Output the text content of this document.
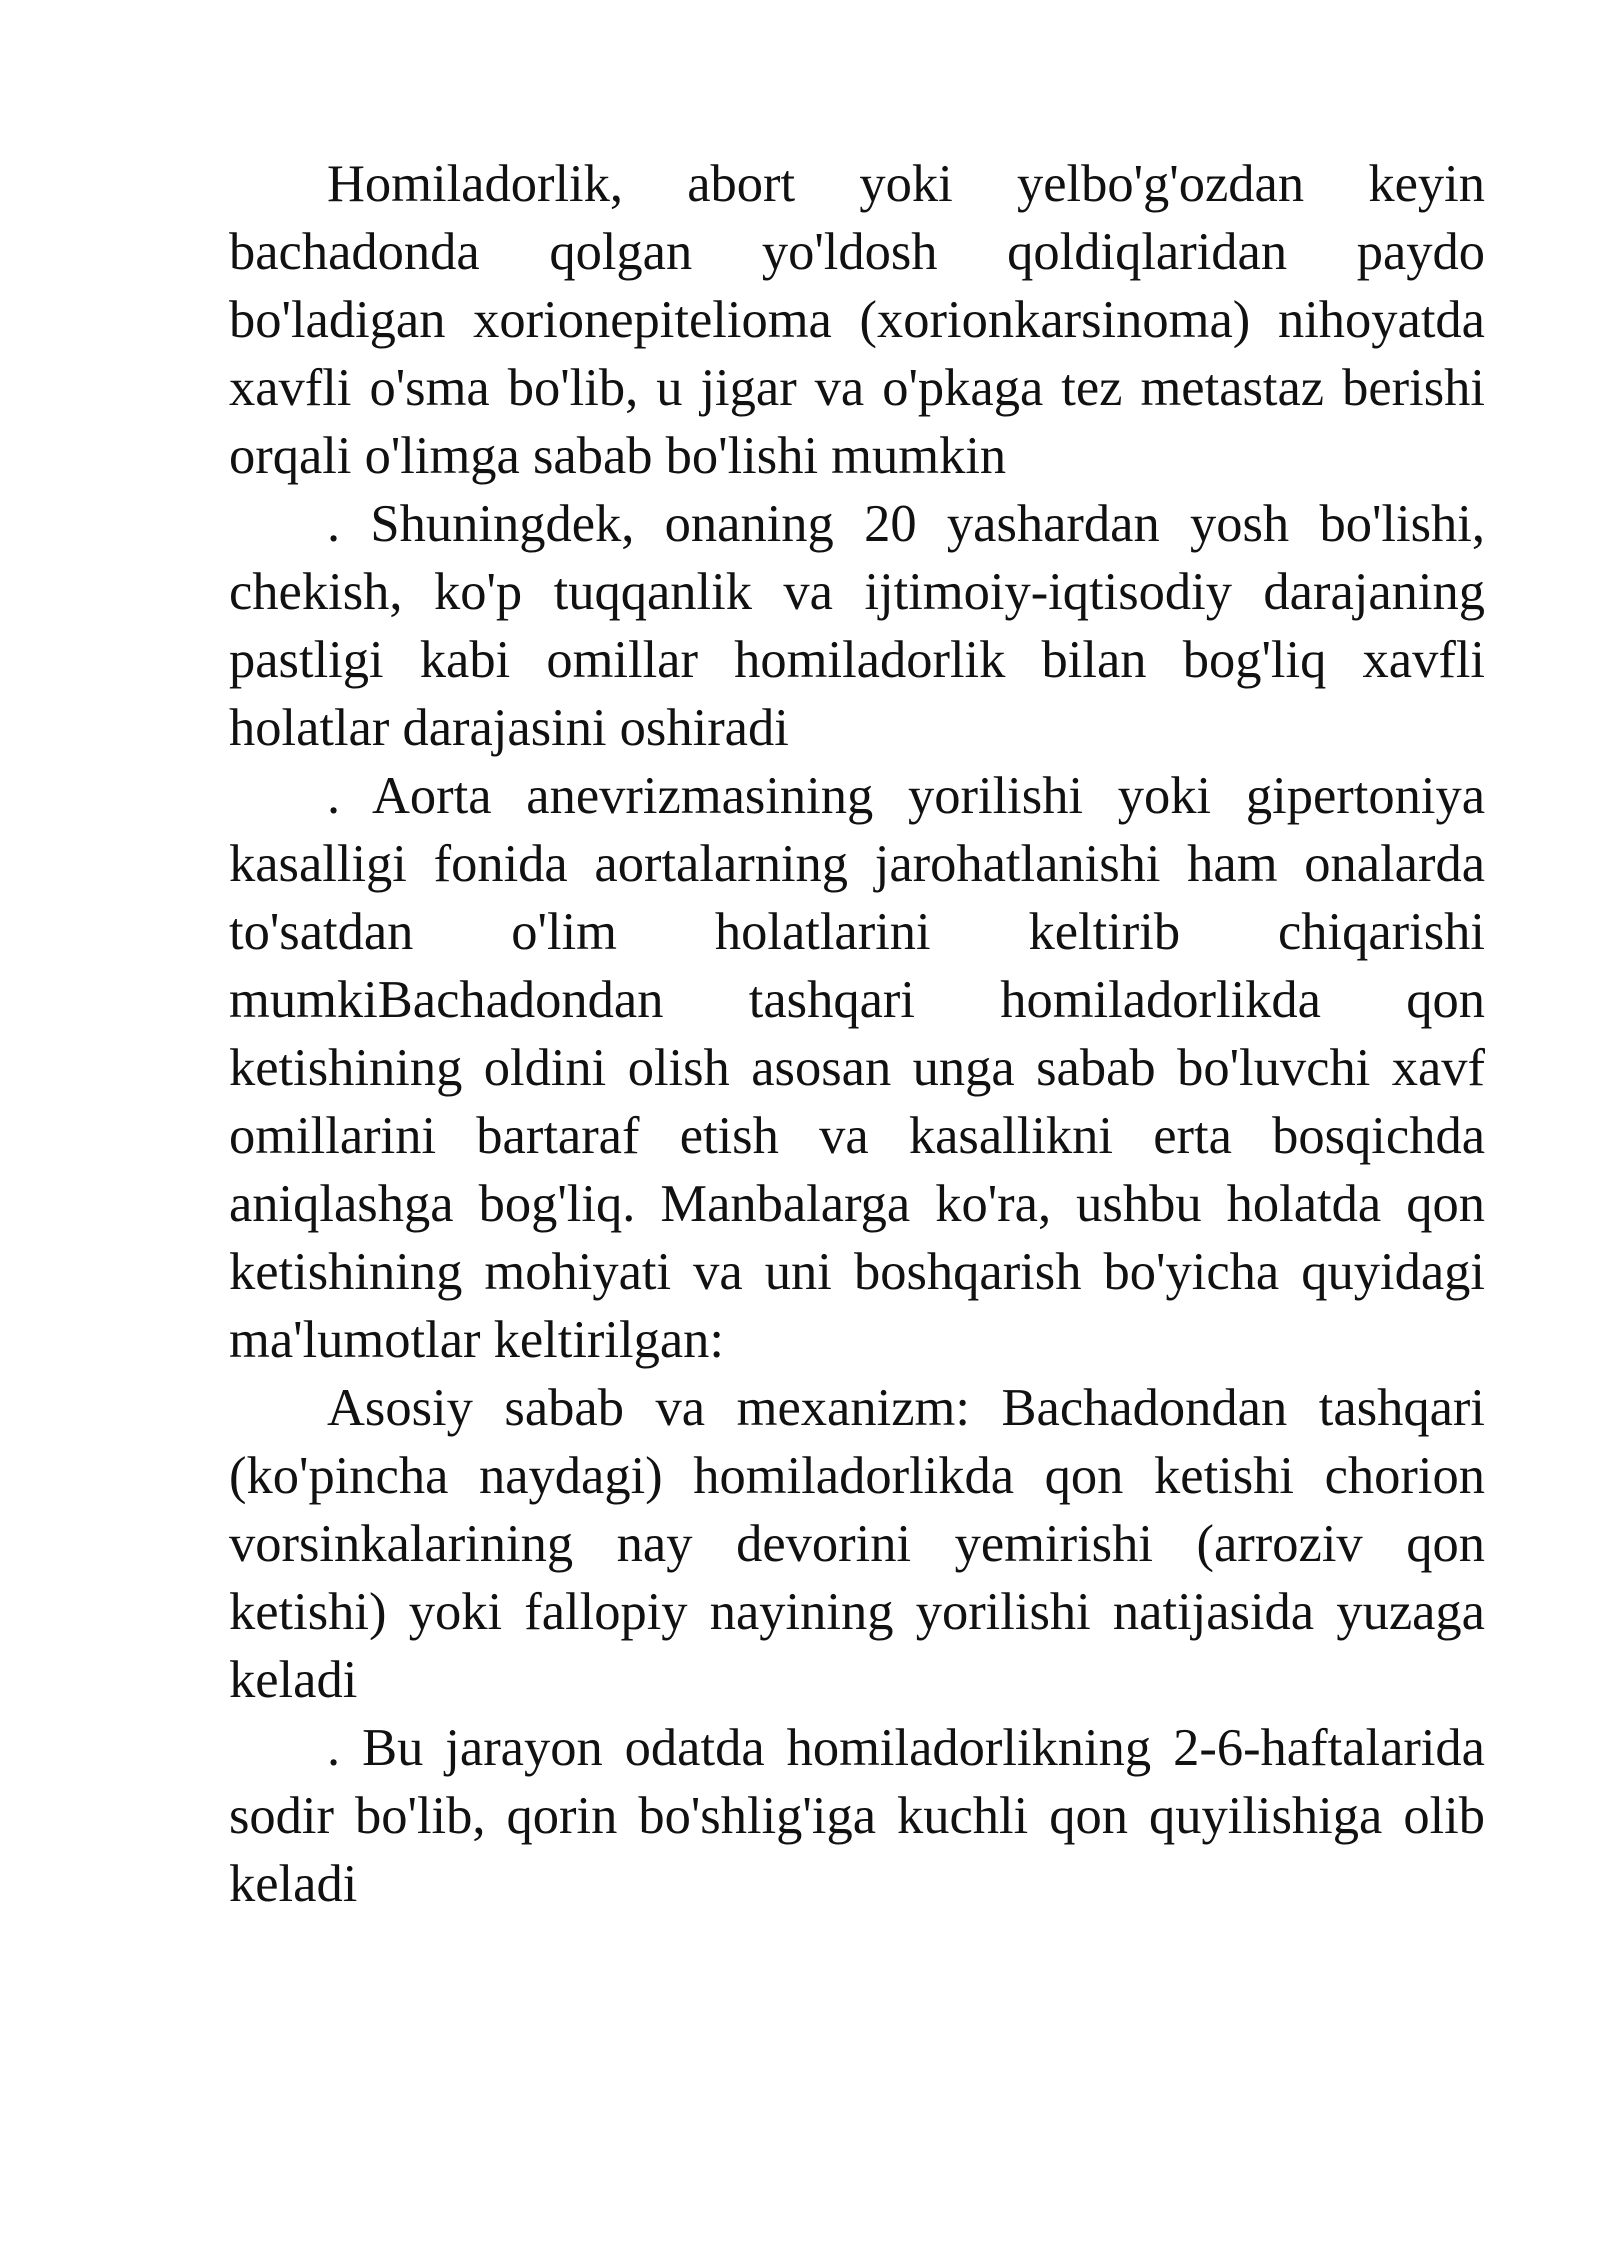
Homiladorlik, abort yoki yelbo'g'ozdan keyin bachadonda qolgan yo'ldosh qoldiqlaridan paydo bo'ladigan xorionepitelioma (xorionkarsinoma) nihoyatda xavfli o'sma bo'lib, u jigar va o'pkaga tez metastaz berishi orqali o'limga sabab bo'lishi mumkin

. Shuningdek, onaning 20 yashardan yosh bo'lishi, chekish, ko'p tuqqanlik va ijtimoiy-iqtisodiy darajaning pastligi kabi omillar homiladorlik bilan bog'liq xavfli holatlar darajasini oshiradi

. Aorta anevrizmasining yorilishi yoki gipertoniya kasalligi fonida aortalarning jarohatlanishi ham onalarda to'satdan o'lim holatlarini keltirib chiqarishi mumkiBachadondan tashqari homiladorlikda qon ketishining oldini olish asosan unga sabab bo'luvchi xavf omillarini bartaraf etish va kasallikni erta bosqichda aniqlashga bog'liq. Manbalarga ko'ra, ushbu holatda qon ketishining mohiyati va uni boshqarish bo'yicha quyidagi ma'lumotlar keltirilgan:

Asosiy sabab va mexanizm: Bachadondan tashqari (ko'pincha naydagi) homiladorlikda qon ketishi chorion vorsinkalarining nay devorini yemirishi (arroziv qon ketishi) yoki fallopiy nayining yorilishi natijasida yuzaga keladi

. Bu jarayon odatda homiladorlikning 2-6-haftalarida sodir bo'lib, qorin bo'shlig'iga kuchli qon quyilishiga olib keladi
